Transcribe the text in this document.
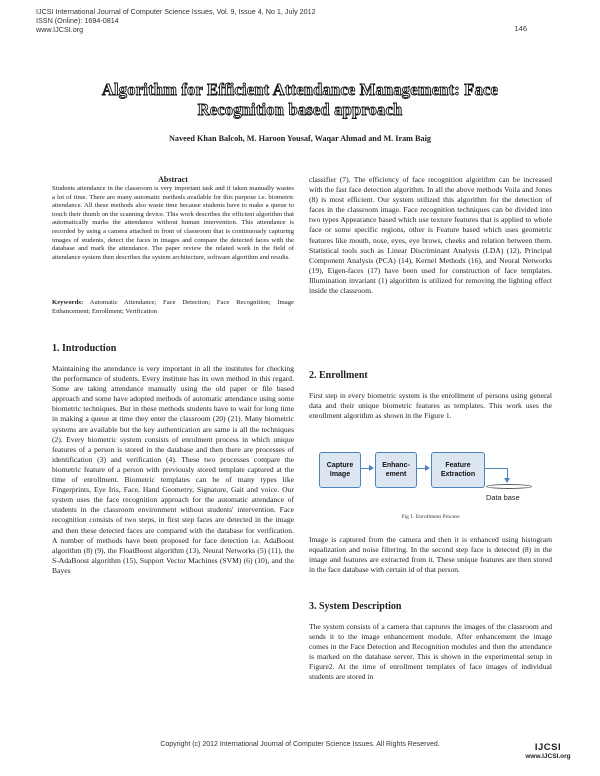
IJCSI International Journal of Computer Science Issues, Vol. 9, Issue 4, No 1, July 2012
ISSN (Online): 1694-0814
www.IJCSI.org	146
Algorithm for Efficient Attendance Management: Face
Recognition based approach
Naveed Khan Balcoh, M. Haroon Yousaf, Waqar Ahmad and M. Iram Baig
Abstract
Students attendance in the classroom is very important task and if taken manually wastes a lot of time. There are many automatic methods available for this purpose i.e. biometric attendance. All these methods also waste time because students have to make a queue to touch their thumb on the scanning device. This work describes the efficient algorithm that automatically marks the attendance without human intervention. This attendance is recorded by using a camera attached in front of classroom that is continuously capturing images of students, detect the faces in images and compare the detected faces with the database and mark the attendance. The paper review the related work in the field of attendance system then describes the system architecture, software algorithm and results.
Keywords: Automatic Attendance; Face Detection; Face Recognition; Image Enhancement; Enrollment; Verification
1. Introduction
Maintaining the attendance is very important in all the institutes for checking the performance of students. Every institute has its own method in this regard. Some are taking attendance manually using the old paper or file based approach and some have adopted methods of automatic attendance using some biometric techniques. But in these methods students have to wait for long time in making a queue at time they enter the classroom (20) (21). Many biometric systems are available but the key authentication are same is all the techniques (2). Every biometric system consists of enrolment process in which unique features of a person is stored in the database and then there are processes of identification (3) and verification (4). These two processes compare the biometric feature of a person with previously stored template captured at the time of enrollment. Biometric templates can be of many types like Fingerprints, Eye Iris, Face, Hand Geometry, Signature, Gait and voice. Our system uses the face recognition approach for the automatic attendance of students in the classroom environment without students' intervention. Face recognition consists of two steps, in first step faces are detected in the image and then these detected faces are compared with the database for verification. A number of methods have been proposed for face detection i.e. AdaBoost algorithm (8) (9), the FloatBoost algorithm (13), Neural Networks (5) (11), the S-AdaBoost algorithm (15), Support Vector Machines (SVM) (6) (10), and the Bayes
classifier (7). The efficiency of face recognition algorithm can be increased with the fast face detection algorithm. In all the above methods Voila and Jones (8) is most efficient. Our system utilized this algorithm for the detection of faces in the classroom image. Face recognition techniques can be divided into two types Appearance based which use texture features that is applied to whole face or some specific regions, other is Feature based which uses geometric features like mouth, nose, eyes, eye brows, cheeks and relation between them. Statistical tools such as Linear Discriminant Analysis (LDA) (12), Principal Component Analysis (PCA) (14), Kernel Methods (16), and Neural Networks (19), Eigen-faces (17) have been used for construction of face templates. Illumination invariant (1) algorithm is utilized for removing the lighting effect inside the classroom.
2. Enrollment
First step in every biometric system is the enrollment of persons using general data and their unique biometric features as templates. This work uses the enrollment algorithm as shown in the Figure 1.
Capture Image
Enhanc- ement
Feature Extraction
Data base
Fig 1. Enrollment Process
Image is captured from the camera and then it is enhanced using histogram equalization and noise filtering. In the second step face is detected (8) in the image and features are extracted from it. These unique features are then stored in the face database with certain id of that person.
3. System Description
The system consists of a camera that captures the images of the classroom and sends it to the image enhancement module. After enhancement the image comes in the Face Detection and Recognition modules and then the attendance is marked on the database server. This is shown in the experimental setup in Figure2. At the time of enrollment templates of face images of individual students are stored in
Copyright (c) 2012 International Journal of Computer Science Issues. All Rights Reserved.	IJCSI
www.IJCSI.org
